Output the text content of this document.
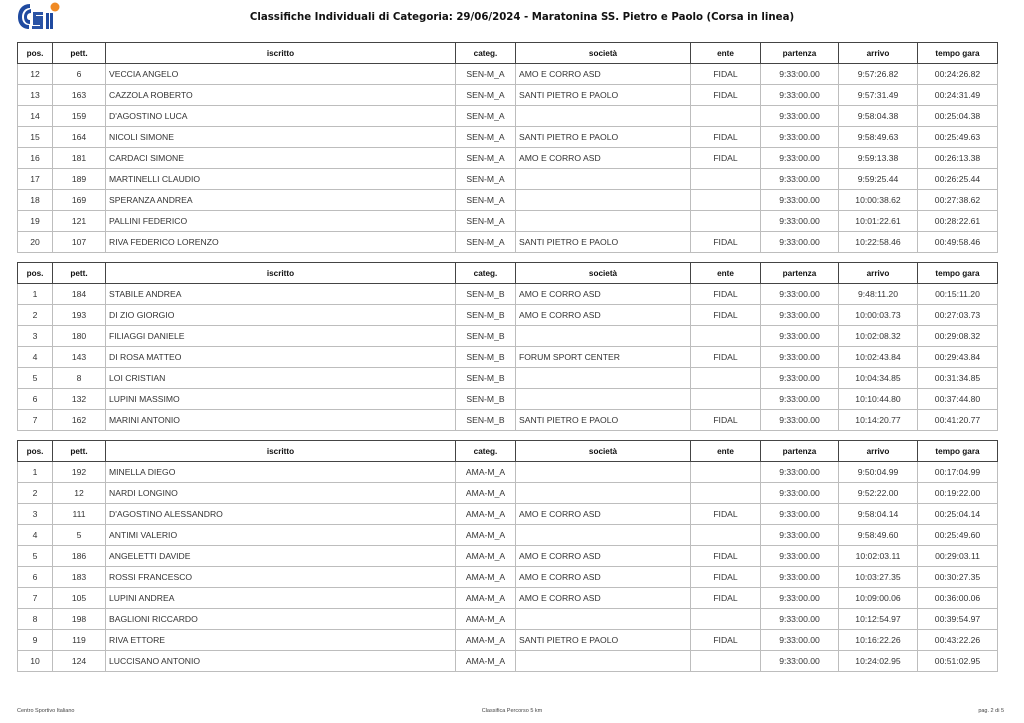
Classifiche Individuali di Categoria: 29/06/2024 - Maratonina SS. Pietro e Paolo (Corsa in linea)
pos.	pett.	iscritto	categ.	società	ente	partenza	arrivo	tempo gara
12	6	VECCIA ANGELO	SEN-M_A	AMO E CORRO ASD	FIDAL	9:33:00.00	9:57:26.82	00:24:26.82
13	163	CAZZOLA ROBERTO	SEN-M_A	SANTI PIETRO E PAOLO	FIDAL	9:33:00.00	9:57:31.49	00:24:31.49
14	159	D'AGOSTINO LUCA	SEN-M_A			9:33:00.00	9:58:04.38	00:25:04.38
15	164	NICOLI SIMONE	SEN-M_A	SANTI PIETRO E PAOLO	FIDAL	9:33:00.00	9:58:49.63	00:25:49.63
16	181	CARDACI SIMONE	SEN-M_A	AMO E CORRO ASD	FIDAL	9:33:00.00	9:59:13.38	00:26:13.38
17	189	MARTINELLI CLAUDIO	SEN-M_A			9:33:00.00	9:59:25.44	00:26:25.44
18	169	SPERANZA ANDREA	SEN-M_A			9:33:00.00	10:00:38.62	00:27:38.62
19	121	PALLINI FEDERICO	SEN-M_A			9:33:00.00	10:01:22.61	00:28:22.61
20	107	RIVA FEDERICO LORENZO	SEN-M_A	SANTI PIETRO E PAOLO	FIDAL	9:33:00.00	10:22:58.46	00:49:58.46
pos.	pett.	iscritto	categ.	società	ente	partenza	arrivo	tempo gara
1	184	STABILE ANDREA	SEN-M_B	AMO E CORRO ASD	FIDAL	9:33:00.00	9:48:11.20	00:15:11.20
2	193	DI ZIO GIORGIO	SEN-M_B	AMO E CORRO ASD	FIDAL	9:33:00.00	10:00:03.73	00:27:03.73
3	180	FILIAGGI DANIELE	SEN-M_B			9:33:00.00	10:02:08.32	00:29:08.32
4	143	DI ROSA MATTEO	SEN-M_B	FORUM SPORT CENTER	FIDAL	9:33:00.00	10:02:43.84	00:29:43.84
5	8	LOI CRISTIAN	SEN-M_B			9:33:00.00	10:04:34.85	00:31:34.85
6	132	LUPINI MASSIMO	SEN-M_B			9:33:00.00	10:10:44.80	00:37:44.80
7	162	MARINI ANTONIO	SEN-M_B	SANTI PIETRO E PAOLO	FIDAL	9:33:00.00	10:14:20.77	00:41:20.77
pos.	pett.	iscritto	categ.	società	ente	partenza	arrivo	tempo gara
1	192	MINELLA DIEGO	AMA-M_A			9:33:00.00	9:50:04.99	00:17:04.99
2	12	NARDI LONGINO	AMA-M_A			9:33:00.00	9:52:22.00	00:19:22.00
3	111	D'AGOSTINO ALESSANDRO	AMA-M_A	AMO E CORRO ASD	FIDAL	9:33:00.00	9:58:04.14	00:25:04.14
4	5	ANTIMI VALERIO	AMA-M_A			9:33:00.00	9:58:49.60	00:25:49.60
5	186	ANGELETTI DAVIDE	AMA-M_A	AMO E CORRO ASD	FIDAL	9:33:00.00	10:02:03.11	00:29:03.11
6	183	ROSSI FRANCESCO	AMA-M_A	AMO E CORRO ASD	FIDAL	9:33:00.00	10:03:27.35	00:30:27.35
7	105	LUPINI ANDREA	AMA-M_A	AMO E CORRO ASD	FIDAL	9:33:00.00	10:09:00.06	00:36:00.06
8	198	BAGLIONI RICCARDO	AMA-M_A			9:33:00.00	10:12:54.97	00:39:54.97
9	119	RIVA ETTORE	AMA-M_A	SANTI PIETRO E PAOLO	FIDAL	9:33:00.00	10:16:22.26	00:43:22.26
10	124	LUCCISANO ANTONIO	AMA-M_A			9:33:00.00	10:24:02.95	00:51:02.95
Centro Sportivo Italiano	Classifica Percorso 5 km	pag. 2 di 5
